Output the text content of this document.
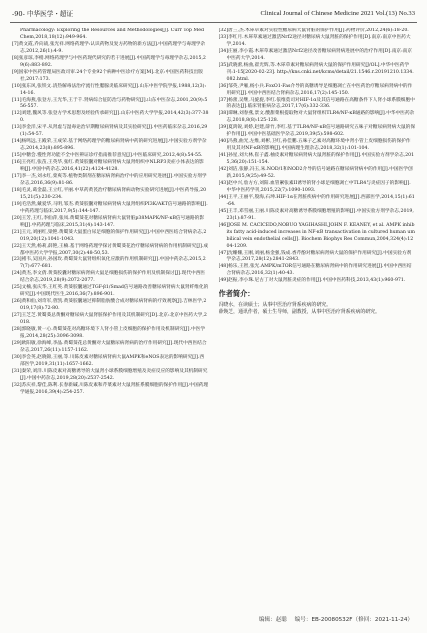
-90- 中华医学・超证	Clinical Journal of Chinese Medicine 2021 Vol.(13) No.33

Pharmacology: Exploring the Resources and Methodologies[J]. Curr Top Med Chem,2018,18(12):949-964.

[7]黄文霞,乔向战,张光祥.网络药理学:认识药物及复方药物的新方法[J].中国药理学与毒理学杂志,2012,26(1):4-9.

[8]张彦琼,李梢.网络药理学与中医药现代研究的若干进展[J].中国药理学与毒理学杂志,2015,29(6):883-892.

[9]国家中医药管理局医政司审.24个专业92个病种中医诊疗方案[M].北京:中国医药科技出版社,2017:173.

[10]张东风,张铁文.清热解毒法治疗流行性腮腺炎临床研究[J].山东中医学院学报,1988,12(3):14-16.

[11]毛海燕,张登方,王光华,王于千.肾病综合征防治与药物研究[J].山东中医杂志,2001,20(9):556-557.

[12]刘建,魏风等.张登方学术思想及经验传承研究[J].山东中医药大学学报,2014,42(3):377-380.

[13]李金洋,宋平.从肾虚与湿毒论治早期糖尿病肾病及其实验研究[J].中医药临床杂志,2016,29(1):54-57.

[14]杨鸣远,王殿荣,王成荣.基于网络药理学的糖尿病肾病中药的研究进展[J].中国实验方剂学杂志,2014,23(8):895-896.

[15]中糖会.慢性肾功能不全中医辨证诊疗指南推荐意见[J].中医临床研究,2012,4(8):54-55.

[16]王亮红,张苗,王英华,张红.黄葵胶囊对糖尿病肾病大鼠肾组织中NLRP3炎症小体表达的影响[J].中国中药杂志,2016,41(22):4124-4128.

[17]李一杰,刘永红,栾爽等.植物类制剂在糖尿病肾病治疗中的应用研究进展[J].中国实验方剂学杂志,2016,36(9):81-86.

[18]毛灵,葛金磊,王立红,平丽.中草药黄芪治疗糖尿病肾病动物实验研究进展[J].中医药导报,2015,21(5):230-234.

[19]毛浩然,戴爱华,马明,邹杰.黄葵胶囊对糖尿病肾病大鼠肾组织PI3K/AKT信号通路的影响[J].中药药理与临床,2017,9(5):144-147.

[20]王芳,王红,李仙萍,张凤.黄蜀葵花对糖尿病肾病大鼠肾脏p38MAPK/NF-κB信号通路的影响[J].中药药理与临床,2015,31(4):143-147.

[21]王元,刘丽红,梁艳.黄蜀葵大鼠蛋白尿足细胞的保护作用研究[J].中国中西医结合肾病杂志,2019,20(12):1041-1043.

[22]王天然,杨莉,薛艳,王楠.基于网络药理学探讨黄蜀葵花治疗糖尿病肾病的作用机制研究[J].成都中医药大学学报,2007,30(2):48-50,53.

[23]褚韦,吴国兵,孙国玫.黄蜀葵大鼠肾组织氧化应激的作用机制研究[J].中国中药杂志,2015,27(7):677-681.

[24]黄杰,李文倩.黄葵胶囊对糖尿病肾病大鼠足细胞损伤的保护作用及机制探讨[J].现代中西医结合杂志,2019,28(9):2072-2077.

[25]文楠,张庆华,王红英.黄葵胶囊通过TGF-β1/Smad信号通路改善糖尿病肾病大鼠肾纤维化的研究[J].中国现代医生,2016,36(7):896-901.

[26]黄和仙,刘奇军,曾凯.黄葵胶囊通过抑制脂肪酸合成对糖尿病肾病的疗效观察[J].吉林医学,2019,17(8):72-80.

[27]王芝芝.黄蜀葵总黄酮对糖尿病大鼠肾脏保护作用及其机制研究[D].北京:北京中医药大学,2018.

[28]郭晓敏,黄一心.黄蜀葵花对高糖环境下人肾小管上皮细胞的保护作用及机制研究[J].中医学报,2014,28(25):3096-3098.

[29]欧阳敏,徐海峰,李晶.黄蜀葵花总黄酮对大鼠糖尿病肾病的治疗作用研究[J].现代中西医结合杂志,2017,26(11):1157-1162.

[30]李会英,赵晓锦,王丽,等.川陈皮素对糖尿病肾病大鼠AMPK和eNOS表达的影响研究[J].西部医学,2019,31(11):1657-1662.

[31]秦荣,刘洋.川陈皮素对高糖诱导的大鼠肾小球系膜细胞增殖及炎症反应的影响及其机制研究[J].中国中药杂志,2019,28(20):2537-2542.

[32]苏庆祥,黎佳,陈利.长春新碱,川陈皮素和芹菜素对大鼠肾脏系膜细胞的保护作用[J].中国药理学通报,2016,39(4):254-257.

[32]唐三,杰.木犀草素对实验性糖尿病大鼠肾脏的保护作用[J].药物评价,2012,24(6):18-20.

[33]李红月.木犀草素通过激活Nrf2途径对糖尿病大鼠肾脏的保护作用[D].南京:南京中医药大学,2014.

[34]庄丽,李小霞.木犀草素通过激活Nrf2途径改善糖尿病肾病进展中的治疗作用[D].南京:南京中医药大学,2014.

[35]武晓蕾,杨曲,翟光辉,等.木犀草素对糖尿病肾病大鼠的保护作用研究[J/OL].中华中医药学刊:1-15[2020-02-23]. http://kns.cnki.net/kcms/detail/21.1546.r.20191210.1334.082.html.

[36]邹英,尹雁,杨小兵.FoxO1-Fas介导的高糖诱导足细胞凋亡在中医药治疗糖尿病肾病中的作用研究[J].中国中西医结合肾病杂志,2016,17(2):145-150.

[37]杨蕾,吴继,马旋旋,李红.依维莫司对HIF-1α及其信号通路在高糖条件下人肾小球系膜细胞中的表达[J].临床肾脏病杂志,2017,17(6):332-336.

[38]谭琳,刘春燕,景文.酸甜菜根提取物对大鼠肾组织TLR4/NF-κB通路的影响[J].中华中医药杂志,2018,8(8):125-128.

[39]夏鸿锐,刘娇,赵建,薛竹,李红.基于TLR4/NF-κB信号通路研究五味子对糖尿病肾病大鼠的保护作用[J].中国中医基础医学杂志,2019,39(5):598-602.

[40]冯燕,曲光,左维,刘彬,卫红,孙佳鹏.五味子乙素对高糖环境中肾小管上皮细胞损伤的保护作用及其对NF-κB的影响[J].中国病理生理杂志,2018,32(1):101-104.

[41]孙星,刘大林,崔子鑫.柚皮素对糖尿病肾病大鼠肾脏的保护作用[J].中国实验方剂学杂志,2015,36(20):151-154.

[42]刘洁,张静,冯玉,朱.NOD/1和NOD2介导的信号通路在糖尿病肾病中的作用[J].中国医学创新,2015,9(25):49-52.

[43]赵中兴,詹方方,刘阳.血管紧张素II诱导的肾小球足细胞凋亡中TLR4与炎症因子的影响[J].中华中医药学刊,2015,22(7):1090-1093.

[44]王平,王丽平,殷海,石坤.HIF-1α在肾脏疾病中的作用研究进展[J].西部医学,2014,15(1):61-64.

[45]王丰,邓雪丽,王丽.川陈皮素对高糖诱导系膜细胞增殖的影响[J].中国实验方剂学杂志,2019,23(1):87-91.

[46]JOSE M. CACICEDO,NOBUO YAGIHASHI,JOHN F. KEANEY, et al. AMPK inhibits fatty acid-induced increases in NF-κB transactivation in cultured human umbilical vein endothelial cells[J]. Biochem Biophys Res Commun,2004,324(4):1204-1209.

[47]沈姗姗,王刚,刘丽,杨金强,钱成.香芹酚对糖尿病肾病大鼠的保护作用研究[J].中国实验方剂学杂志,2017,28(12):2841-2843.

[48]杨乐,王智,张光.AMPK/mTOR信号通路在糖尿病肾病中的作用研究进展[J].中国中西医结合肾病杂志,2016,32(1):40-43.

[49]赵振,李小珠.尼古丁对大鼠肾脏炎症的作用[J].中国中医药科技,2013,43(1):960-971.

作者简介：

冯晓水，在读硕士；从事中医治疗肾系疾病的研究。

薛焕芝，通讯作者，硕士生导师，副教授，从事中医治疗肾系疾病的研究。

编辑：赵聪 编号：EB-20080532F（修回：2021-11-24）
